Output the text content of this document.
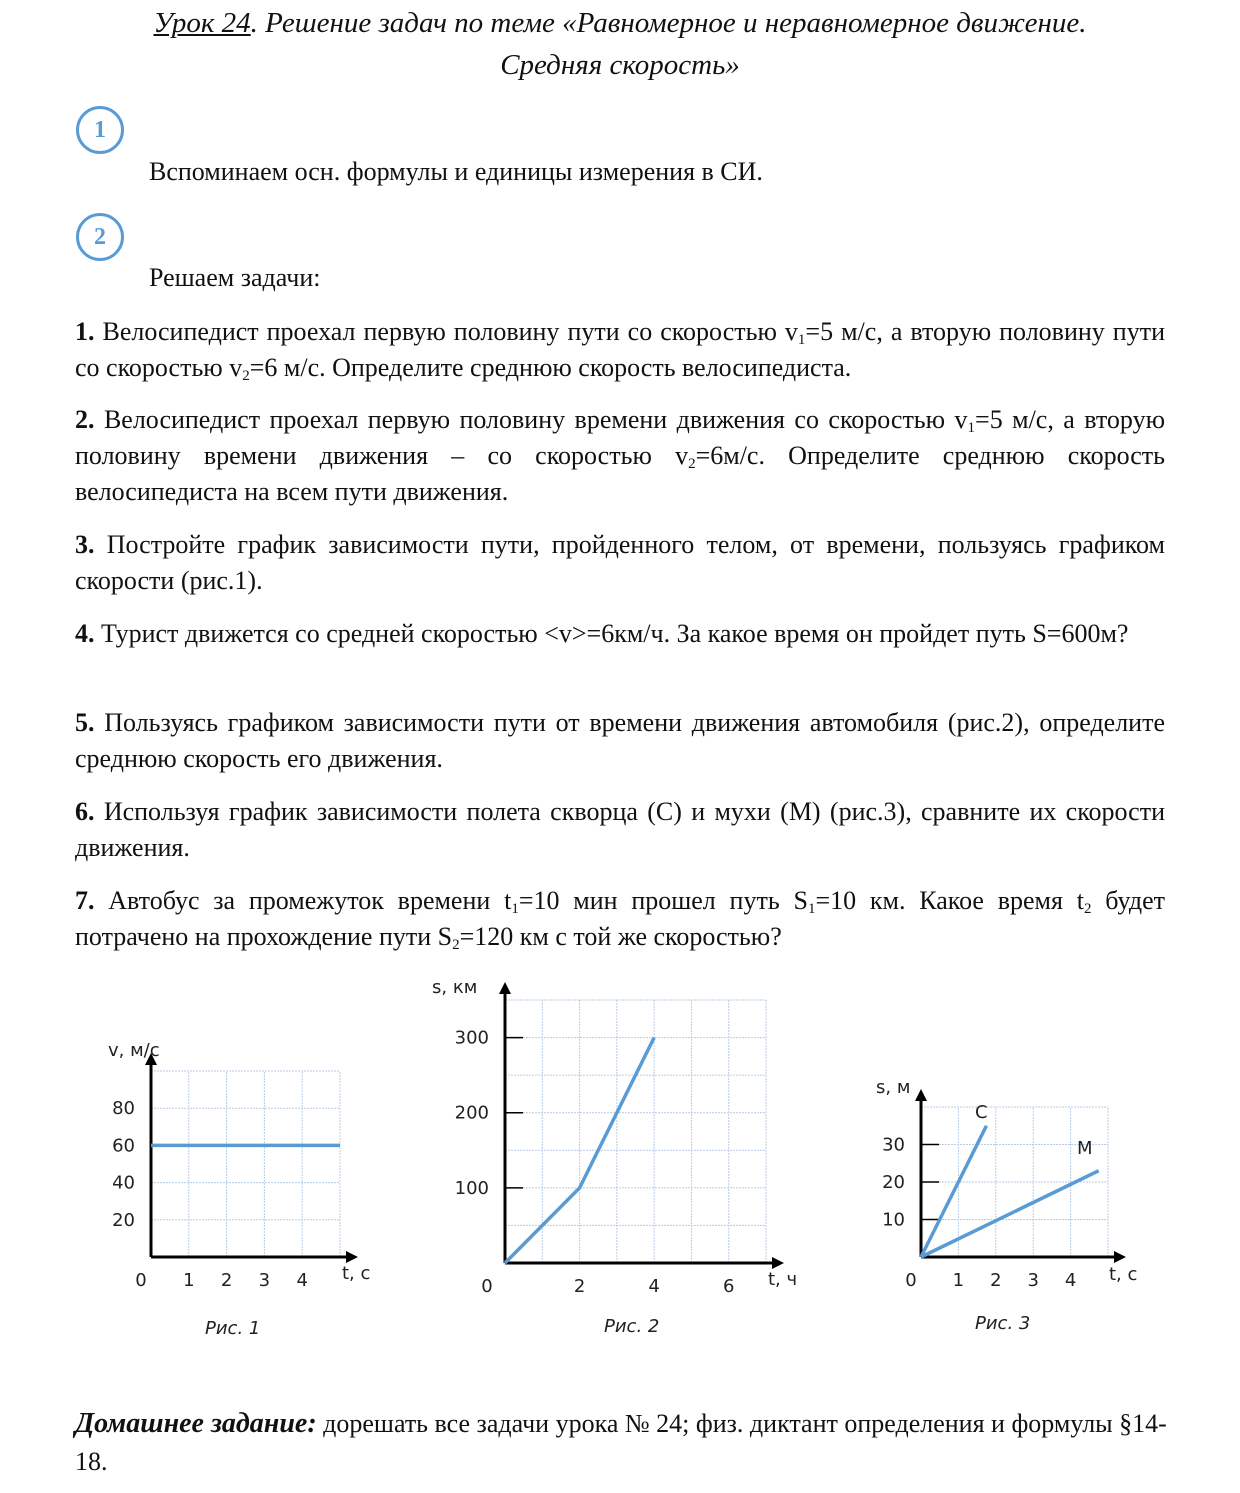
Урок 24. Решение задач по теме «Равномерное и неравномерное движение.
Средняя скорость»
1
Вспоминаем осн. формулы и единицы измерения в СИ.
2
Решаем задачи:
1. Велосипедист проехал первую половину пути со скоростью $v_1=5$ м/с, а вторую половину пути со скоростью $v_2=6$ м/с. Определите среднюю скорость велосипедиста.
2. Велосипедист проехал первую половину времени движения со скоростью $v_1=5$ м/с, а вторую половину времени движения – со скоростью $v_2=6м/с$. Определите среднюю скорость велосипедиста на всем пути движения.
3. Постройте график зависимости пути, пройденного телом, от времени, пользуясь графиком скорости (рис.1).
4. Турист движется со средней скоростью <v>=6км/ч. За какое время он пройдет путь S=600м?
5. Пользуясь графиком зависимости пути от времени движения автомобиля (рис.2), определите среднюю скорость его движения.
6. Используя график зависимости полета скворца (С) и мухи (М) (рис.3), сравните их скорости движения.
7. Автобус за промежуток времени $t_1=10$ мин прошел путь $S_1=10$ км. Какое время $t_2$ будет потрачено на прохождение пути $S_2=120$ км с той же скоростью?
0 1 2 3 4
20
40
60
80
t, с
v, м/с
Рис. 1
0	2	4	6
100
200
300
t, ч
s, км
Рис. 2
0 1 2 3 4
10
20
30
t, с
s, м
С
М
Рис. 3
Домашнее задание: дорешать все задачи урока № 24; физ. диктант определения и формулы §14-18.
